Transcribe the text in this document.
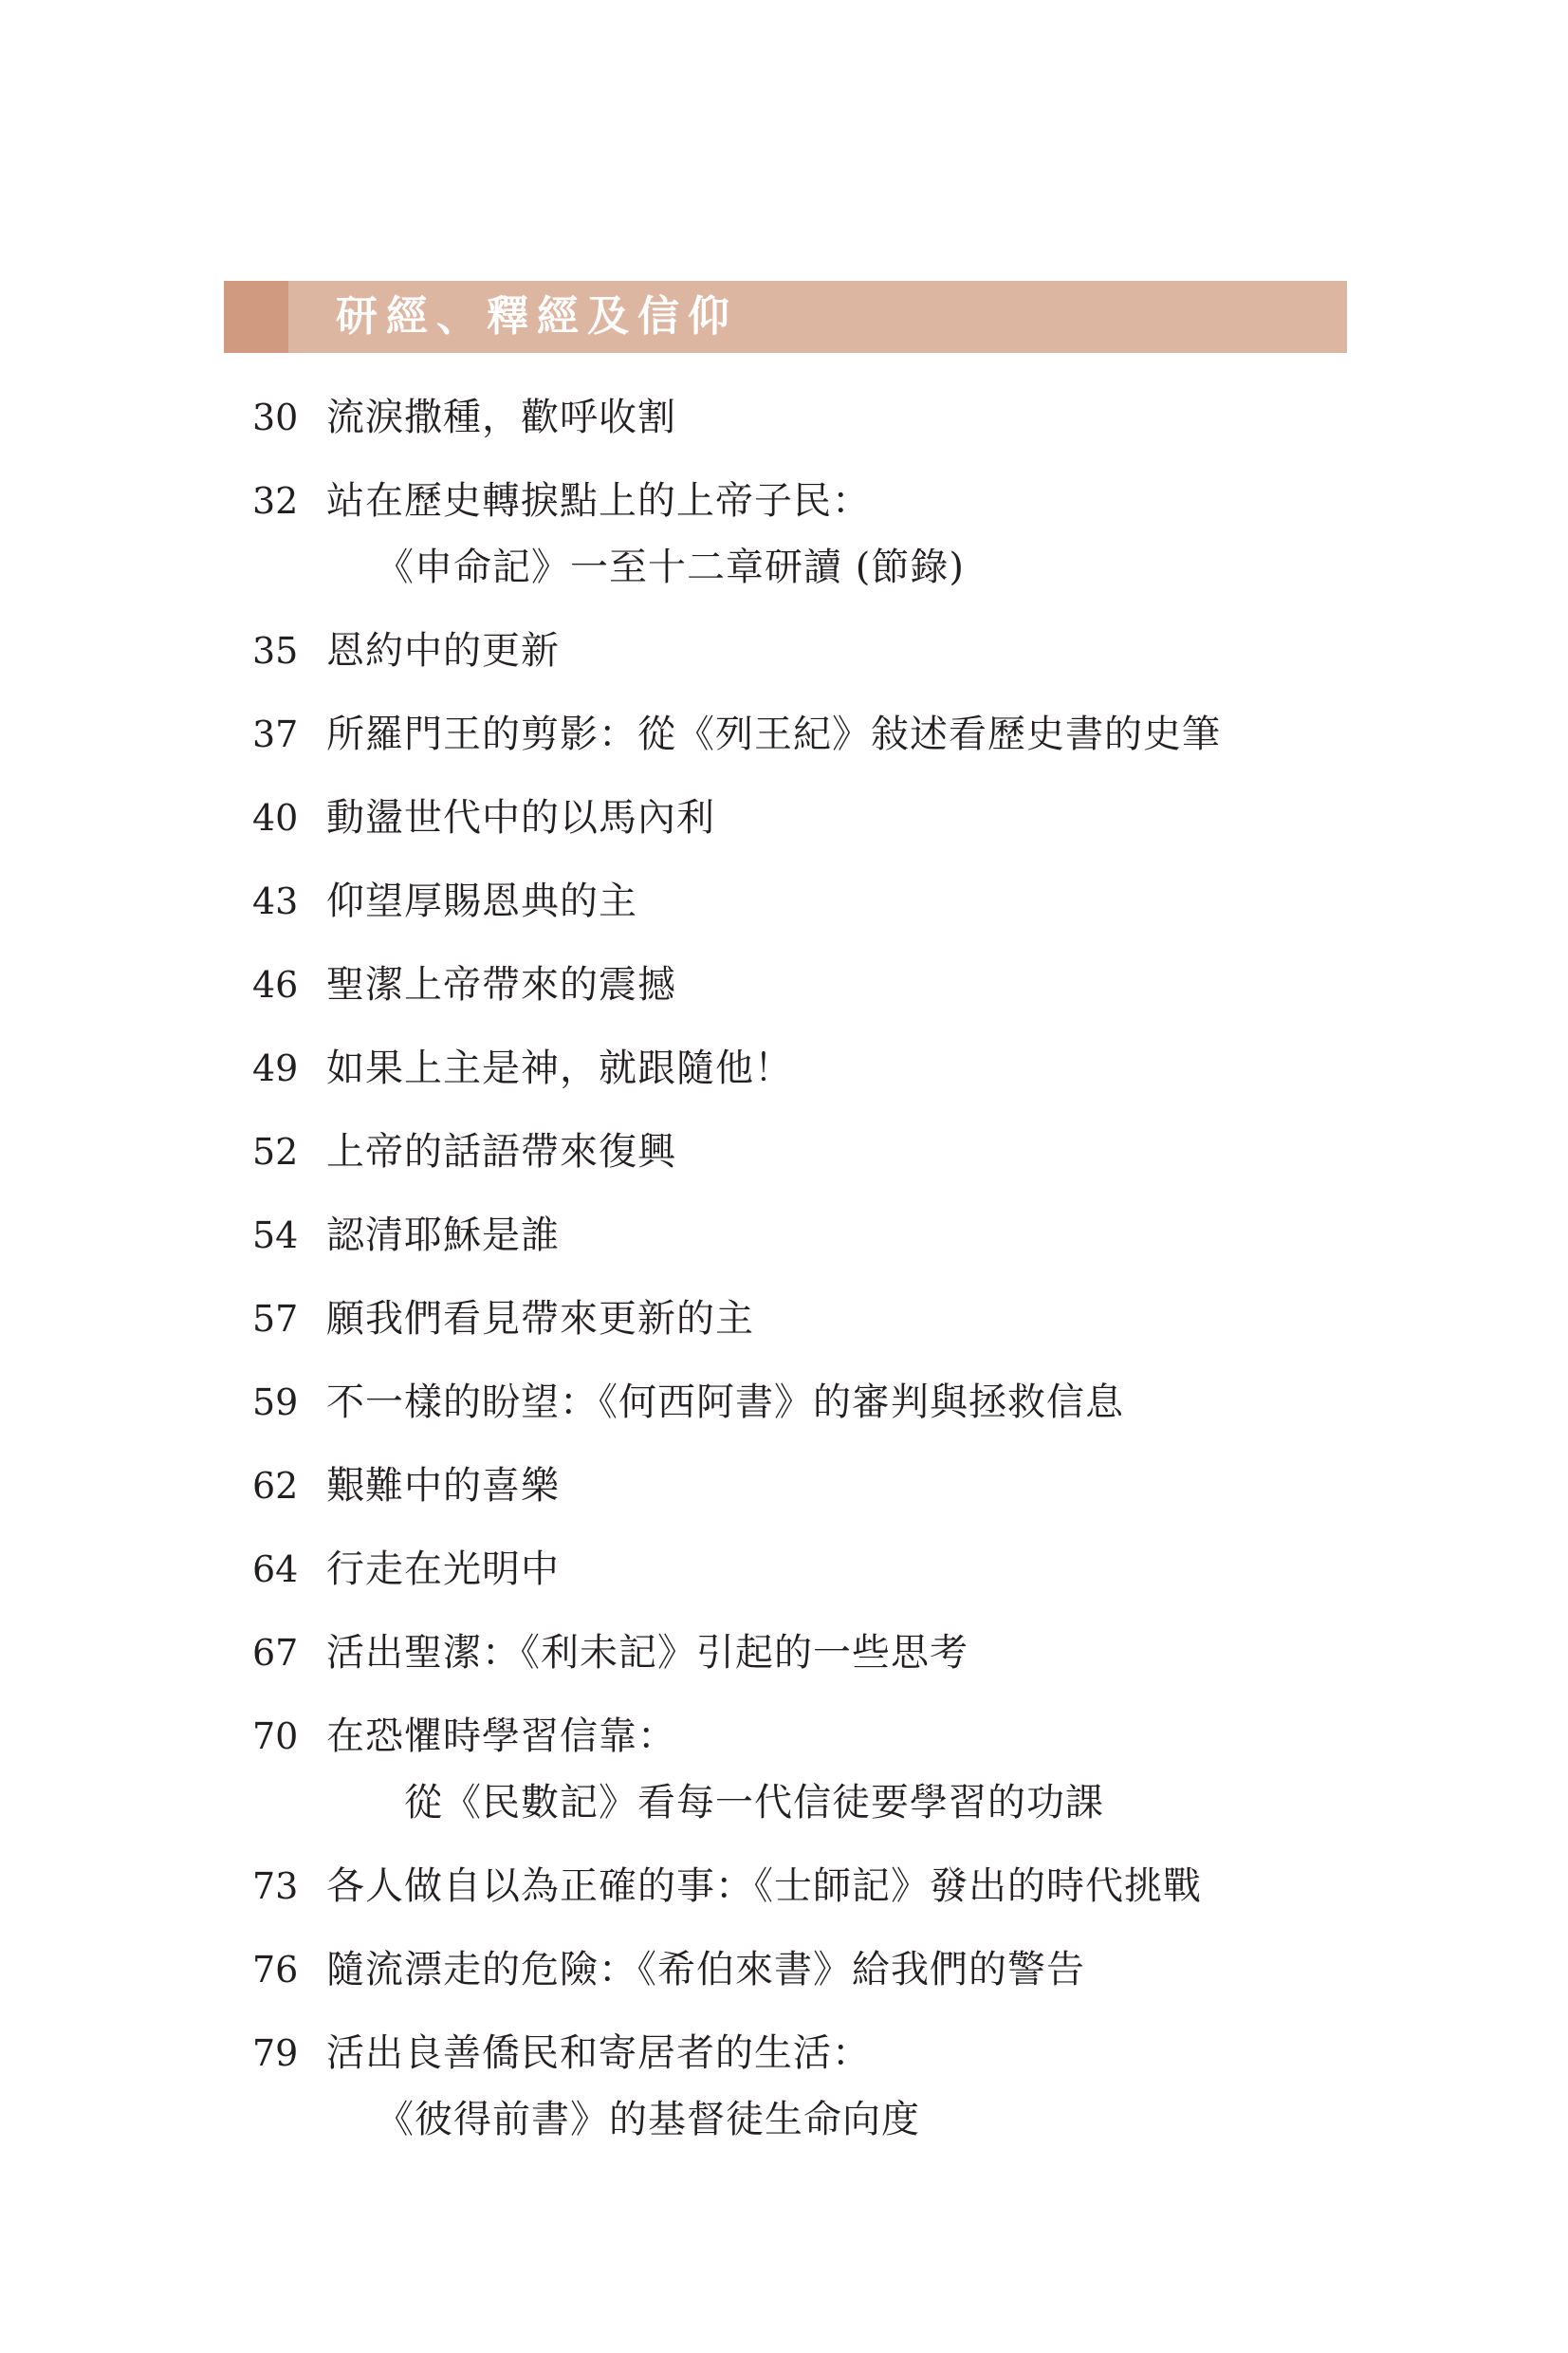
研經、釋經及信仰
30 流淚撒種，歡呼收割
32 站在歷史轉捩點上的上帝子民：
《申命記》一至十二章研讀 (節錄)
35 恩約中的更新
37 所羅門王的剪影：從《列王紀》敍述看歷史書的史筆
40 動盪世代中的以馬內利
43 仰望厚賜恩典的主
46 聖潔上帝帶來的震撼
49 如果上主是神，就跟隨他！
52 上帝的話語帶來復興
54 認清耶穌是誰
57 願我們看見帶來更新的主
59 不一樣的盼望：《何西阿書》的審判與拯救信息
62 艱難中的喜樂
64 行走在光明中
67 活出聖潔：《利未記》引起的一些思考
70 在恐懼時學習信靠：
從《民數記》看每一代信徒要學習的功課
73 各人做自以為正確的事：《士師記》發出的時代挑戰
76 隨流漂走的危險：《希伯來書》給我們的警告
79 活出良善僑民和寄居者的生活：
《彼得前書》的基督徒生命向度
